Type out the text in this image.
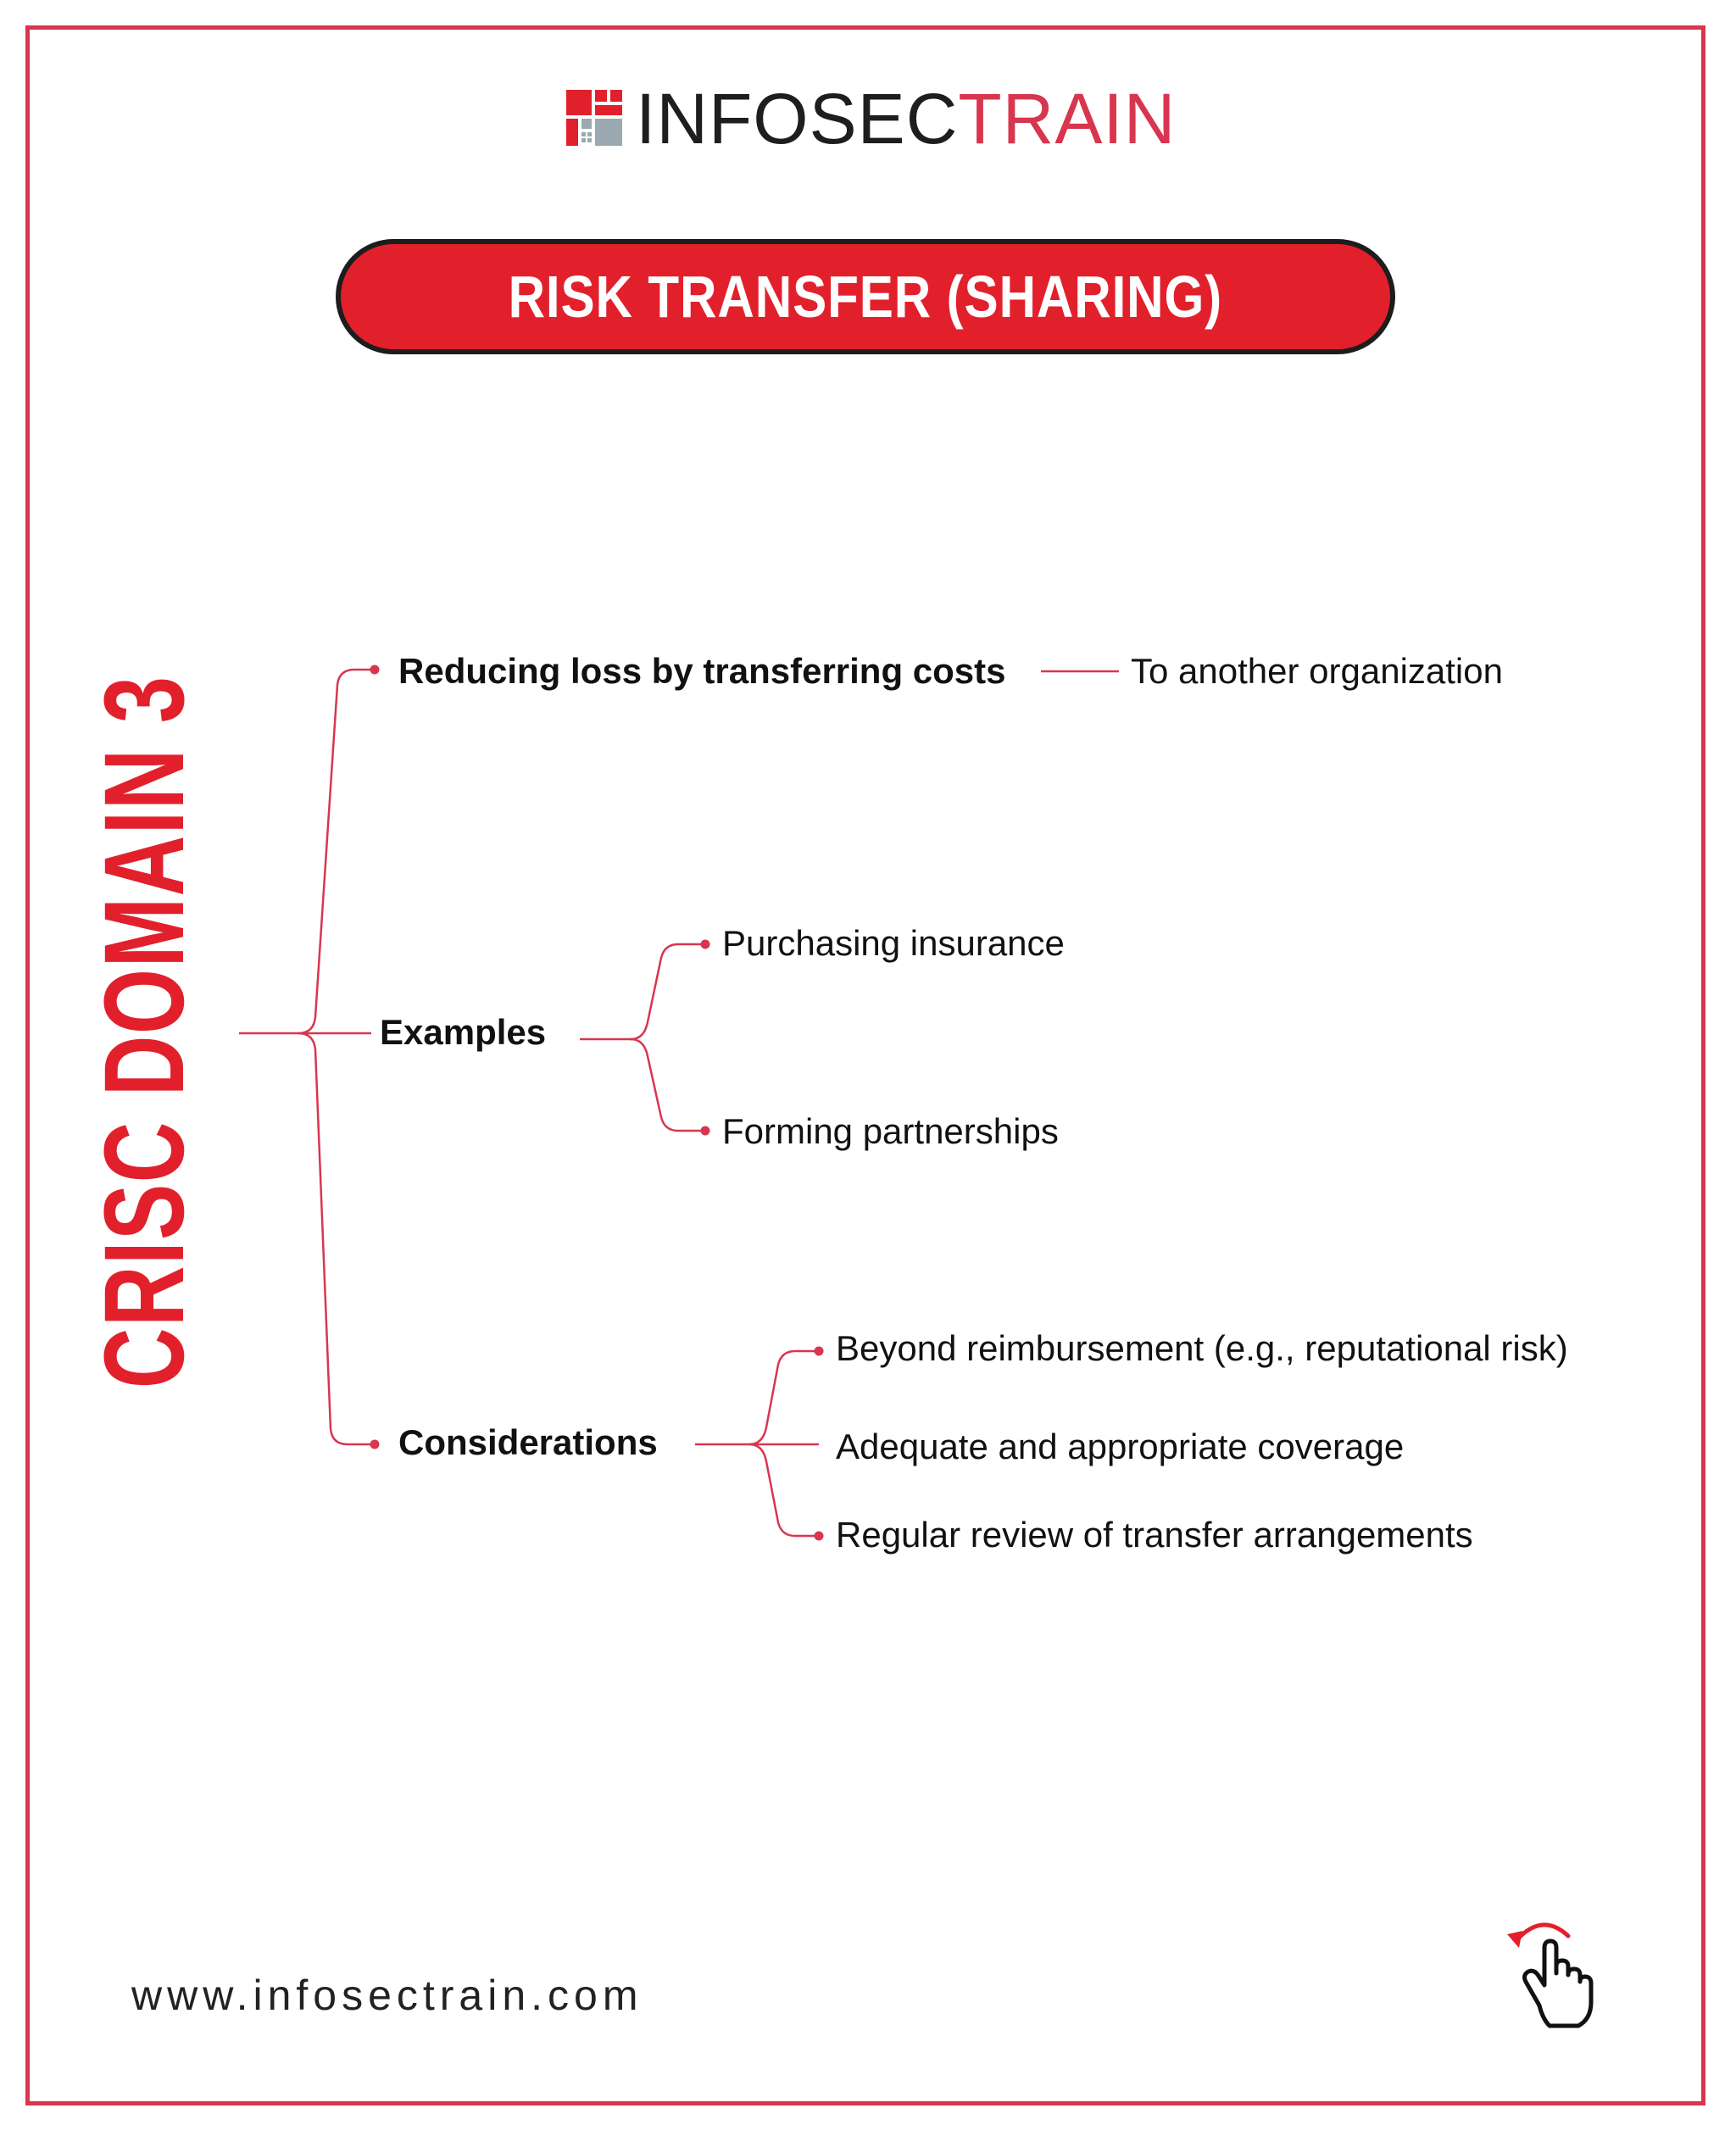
INFOSECTRAIN
RISK TRANSFER (SHARING)
CRISC DOMAIN 3
Reducing loss by transferring costs	To another organization
Examples
Purchasing insurance
Forming partnerships
Considerations
Beyond reimbursement (e.g., reputational risk)
Adequate and appropriate coverage
Regular review of transfer arrangements
www.infosectrain.com
